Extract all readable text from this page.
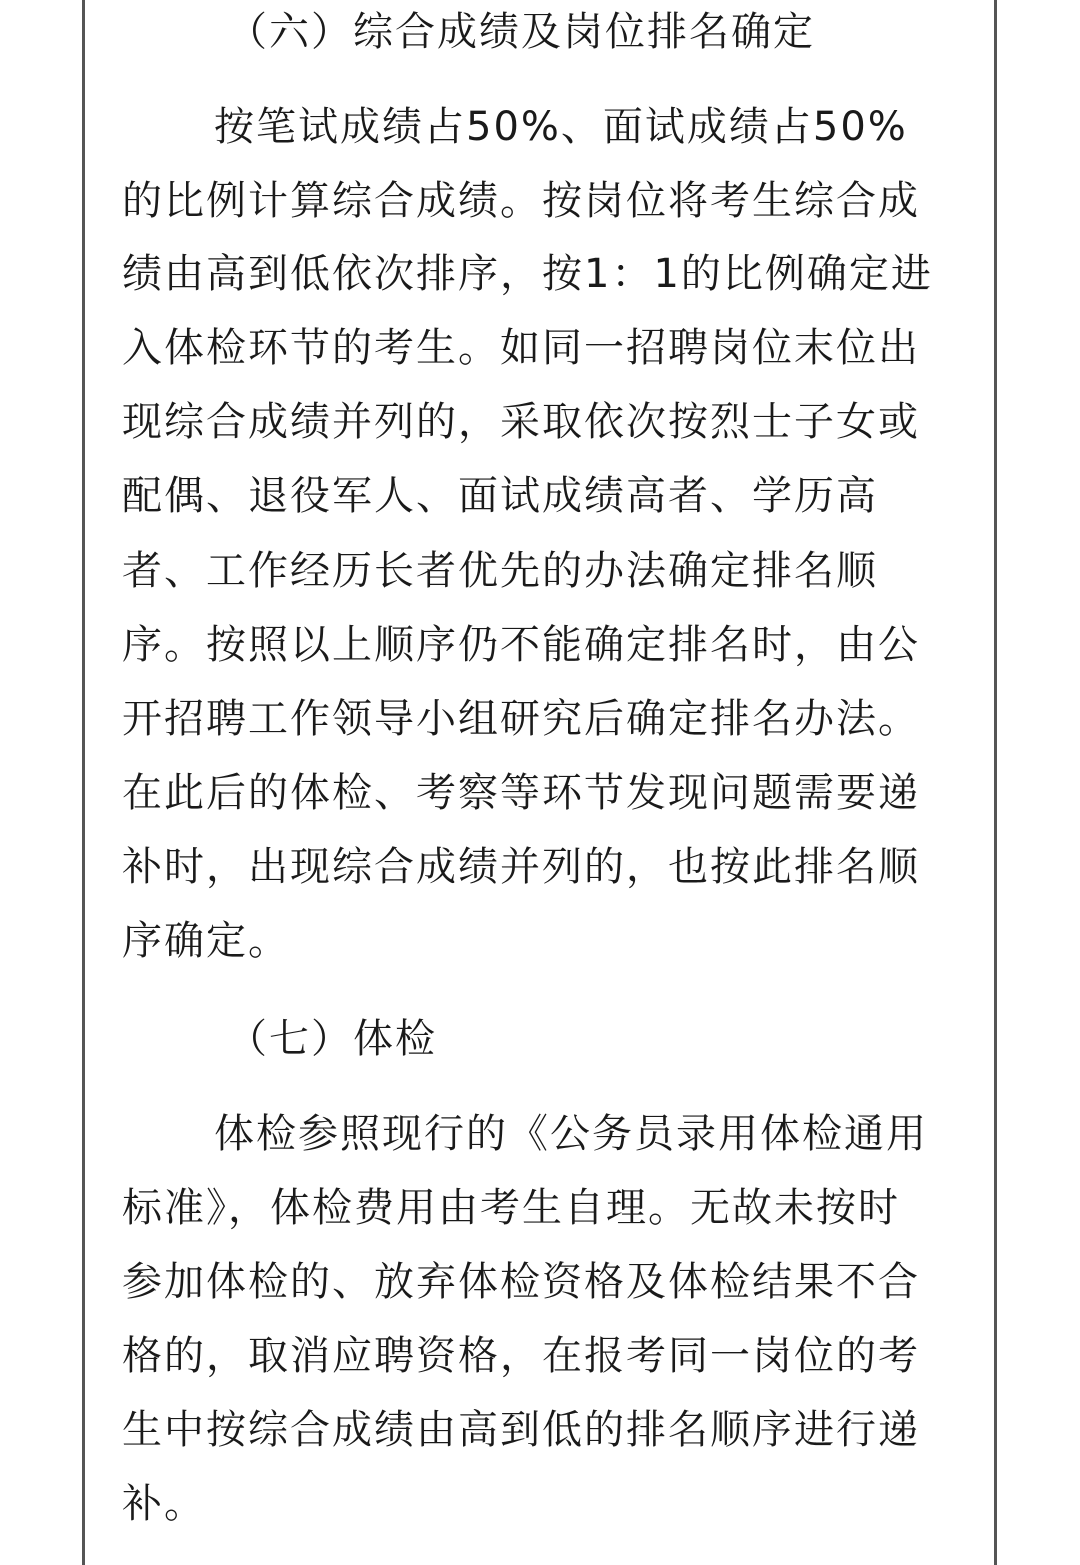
（六）综合成绩及岗位排名确定
按笔试成绩占50%、面试成绩占50%
的比例计算综合成绩。按岗位将考生综合成
绩由高到低依次排序，按1：1的比例确定进
入体检环节的考生。如同一招聘岗位末位出
现综合成绩并列的，采取依次按烈士子女或
配偶、退役军人、面试成绩高者、学历高
者、工作经历长者优先的办法确定排名顺
序。按照以上顺序仍不能确定排名时，由公
开招聘工作领导小组研究后确定排名办法。
在此后的体检、考察等环节发现问题需要递
补时，出现综合成绩并列的，也按此排名顺
序确定。
（七）体检
体检参照现行的《公务员录用体检通用
标准》，体检费用由考生自理。无故未按时
参加体检的、放弃体检资格及体检结果不合
格的，取消应聘资格，在报考同一岗位的考
生中按综合成绩由高到低的排名顺序进行递
补。
